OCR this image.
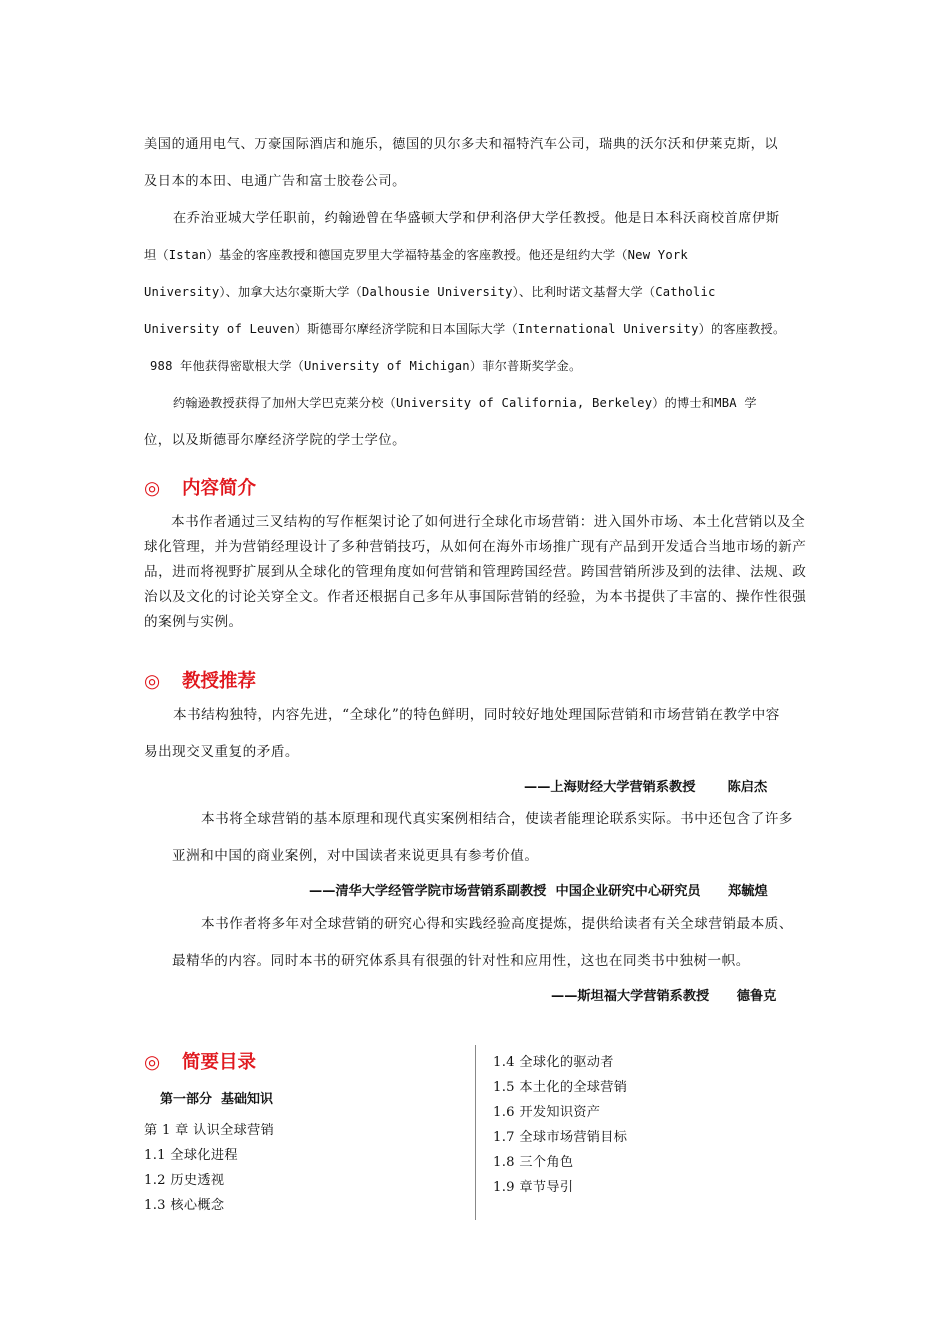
美国的通用电气、万豪国际酒店和施乐，德国的贝尔多夫和福特汽车公司，瑞典的沃尔沃和伊莱克斯，以

及日本的本田、电通广告和富士胶卷公司。

在乔治亚城大学任职前，约翰逊曾在华盛顿大学和伊利洛伊大学任教授。他是日本科沃商校首席伊斯

坦（Istan）基金的客座教授和德国克罗里大学福特基金的客座教授。他还是纽约大学（New York

University）、加拿大达尔豪斯大学（Dalhousie University）、比利时诺文基督大学（Catholic

University of Leuven）斯德哥尔摩经济学院和日本国际大学（International University）的客座教授。

988 年他获得密歇根大学（University of Michigan）菲尔普斯奖学金。

约翰逊教授获得了加州大学巴克莱分校（University of California, Berkeley）的博士和MBA 学

位，以及斯德哥尔摩经济学院的学士学位。

◎ 内容简介
本书作者通过三叉结构的写作框架讨论了如何进行全球化市场营销：进入国外市场、本土化营销以及全球化管理，并为营销经理设计了多种营销技巧，从如何在海外市场推广现有产品到开发适合当地市场的新产品，进而将视野扩展到从全球化的管理角度如何营销和管理跨国经营。跨国营销所涉及到的法律、法规、政治以及文化的讨论关穿全文。作者还根据自己多年从事国际营销的经验，为本书提供了丰富的、操作性很强的案例与实例。
◎ 教授推荐

本书结构独特，内容先进，“全球化”的特色鲜明，同时较好地处理国际营销和市场营销在教学中容

易出现交叉重复的矛盾。

——上海财经大学营销系教授       陈启杰

本书将全球营销的基本原理和现代真实案例相结合，使读者能理论联系实际。书中还包含了许多

亚洲和中国的商业案例，对中国读者来说更具有参考价值。

——清华大学经管学院市场营销系副教授  中国企业研究中心研究员      郑毓煌

本书作者将多年对全球营销的研究心得和实践经验高度提炼，提供给读者有关全球营销最本质、

最精华的内容。同时本书的研究体系具有很强的针对性和应用性，这也在同类书中独树一帜。

——斯坦福大学营销系教授      德鲁克
◎ 简要目录
第一部分  基础知识
第 1 章 认识全球营销
1.1 全球化进程
1.2 历史透视
1.3 核心概念
1.4 全球化的驱动者
1.5 本土化的全球营销
1.6 开发知识资产
1.7 全球市场营销目标
1.8 三个角色
1.9 章节导引
